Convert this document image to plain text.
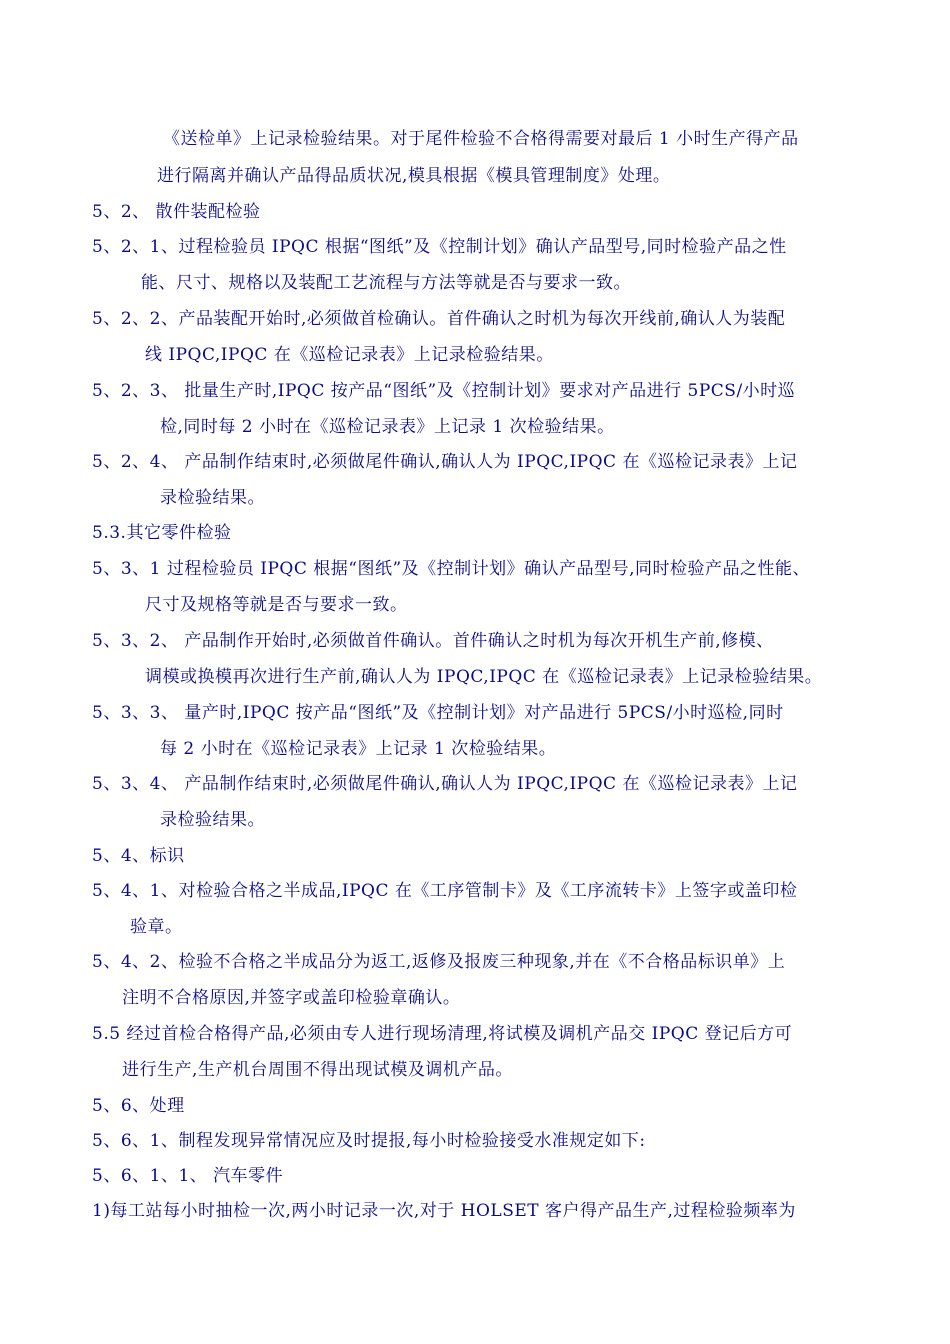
《送检单》上记录检验结果。对于尾件检验不合格得需要对最后 1 小时生产得产品
进行隔离并确认产品得品质状况,模具根据《模具管理制度》处理。
5、2、 散件装配检验
5、2、1、过程检验员 IPQC 根据“图纸”及《控制计划》确认产品型号,同时检验产品之性
能、尺寸、规格以及装配工艺流程与方法等就是否与要求一致。
5、2、2、产品装配开始时,必须做首检确认。首件确认之时机为每次开线前,确认人为装配
线 IPQC,IPQC 在《巡检记录表》上记录检验结果。
5、2、3、 批量生产时,IPQC 按产品“图纸”及《控制计划》要求对产品进行 5PCS/小时巡
检,同时每 2 小时在《巡检记录表》上记录 1 次检验结果。
5、2、4、 产品制作结束时,必须做尾件确认,确认人为 IPQC,IPQC 在《巡检记录表》上记
录检验结果。
5.3.其它零件检验
5、3、1 过程检验员 IPQC 根据“图纸”及《控制计划》确认产品型号,同时检验产品之性能、
尺寸及规格等就是否与要求一致。
5、3、2、 产品制作开始时,必须做首件确认。首件确认之时机为每次开机生产前,修模、
调模或换模再次进行生产前,确认人为 IPQC,IPQC 在《巡检记录表》上记录检验结果。
5、3、3、 量产时,IPQC 按产品“图纸”及《控制计划》对产品进行 5PCS/小时巡检,同时
每 2 小时在《巡检记录表》上记录 1 次检验结果。
5、3、4、 产品制作结束时,必须做尾件确认,确认人为 IPQC,IPQC 在《巡检记录表》上记
录检验结果。
5、4、标识
5、4、1、对检验合格之半成品,IPQC 在《工序管制卡》及《工序流转卡》上签字或盖印检
验章。
5、4、2、检验不合格之半成品分为返工,返修及报废三种现象,并在《不合格品标识单》上
注明不合格原因,并签字或盖印检验章确认。
5.5 经过首检合格得产品,必须由专人进行现场清理,将试模及调机产品交 IPQC 登记后方可
进行生产,生产机台周围不得出现试模及调机产品。
5、6、处理
5、6、1、制程发现异常情况应及时提报,每小时检验接受水准规定如下:
5、6、1、1、 汽车零件
1)每工站每小时抽检一次,两小时记录一次,对于 HOLSET 客户得产品生产,过程检验频率为
